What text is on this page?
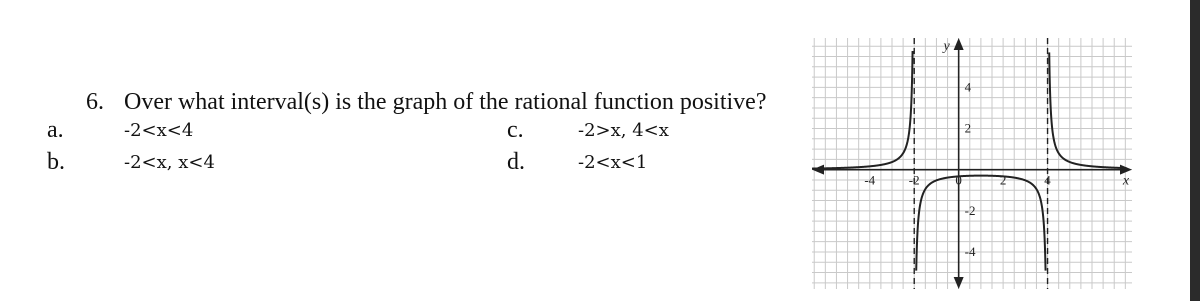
6. Over what interval(s) is the graph of the rational function positive?
a.	-2<x<4
b.	-2<x, x<4
c.	-2>x, 4<x
d.	-2<x<1
-4	-2	0	2	4
4
2
-2
-4
x
y
